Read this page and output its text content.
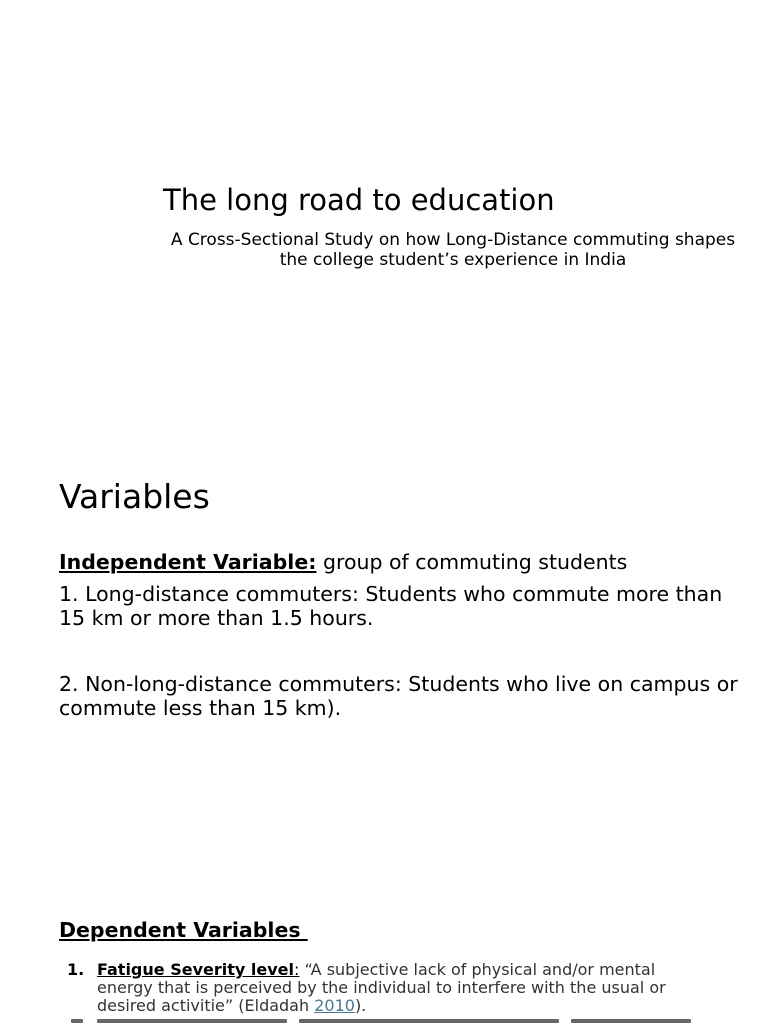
The long road to education
A Cross-Sectional Study on how Long-Distance commuting shapes the college student’s experience in India
Variables
Independent Variable: group of commuting students
1. Long-distance commuters: Students who commute more than 15 km or more than 1.5 hours.
2. Non-long-distance commuters: Students who live on campus or commute less than 15 km).
Dependent Variables
1. Fatigue Severity level: “A subjective lack of physical and/or mental energy that is perceived by the individual to interfere with the usual or desired activitie” (Eldadah 2010).
